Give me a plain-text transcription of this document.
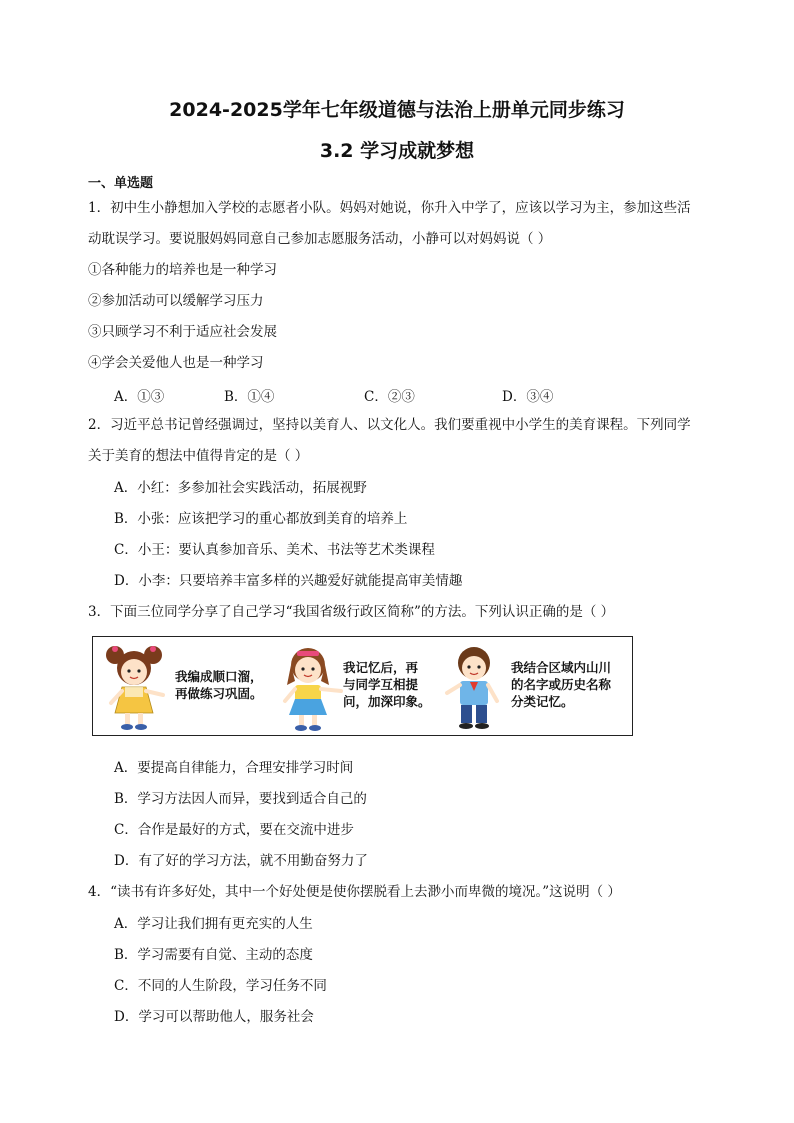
2024-2025学年七年级道德与法治上册单元同步练习
3.2 学习成就梦想
一、单选题
1．初中生小静想加入学校的志愿者小队。妈妈对她说，你升入中学了，应该以学习为主，参加这些活
动耽误学习。要说服妈妈同意自己参加志愿服务活动，小静可以对妈妈说（ ）
①各种能力的培养也是一种学习
②参加活动可以缓解学习压力
③只顾学习不利于适应社会发展
④学会关爱他人也是一种学习
A．①③	B．①④	C．②③	D．③④
2．习近平总书记曾经强调过，坚持以美育人、以文化人。我们要重视中小学生的美育课程。下列同学
关于美育的想法中值得肯定的是（ ）
A．小红：多参加社会实践活动，拓展视野
B．小张：应该把学习的重心都放到美育的培养上
C．小王：要认真参加音乐、美术、书法等艺术类课程
D．小李：只要培养丰富多样的兴趣爱好就能提高审美情趣
3．下面三位同学分享了自己学习“我国省级行政区简称”的方法。下列认识正确的是（ ）
我编成顺口溜，
再做练习巩固。
我记忆后，再
与同学互相提
问，加深印象。
我结合区域内山川
的名字或历史名称
分类记忆。
A．要提高自律能力，合理安排学习时间
B．学习方法因人而异，要找到适合自己的
C．合作是最好的方式，要在交流中进步
D．有了好的学习方法，就不用勤奋努力了
4．“读书有许多好处，其中一个好处便是使你摆脱看上去渺小而卑微的境况。”这说明（ ）
A．学习让我们拥有更充实的人生
B．学习需要有自觉、主动的态度
C．不同的人生阶段，学习任务不同
D．学习可以帮助他人，服务社会
